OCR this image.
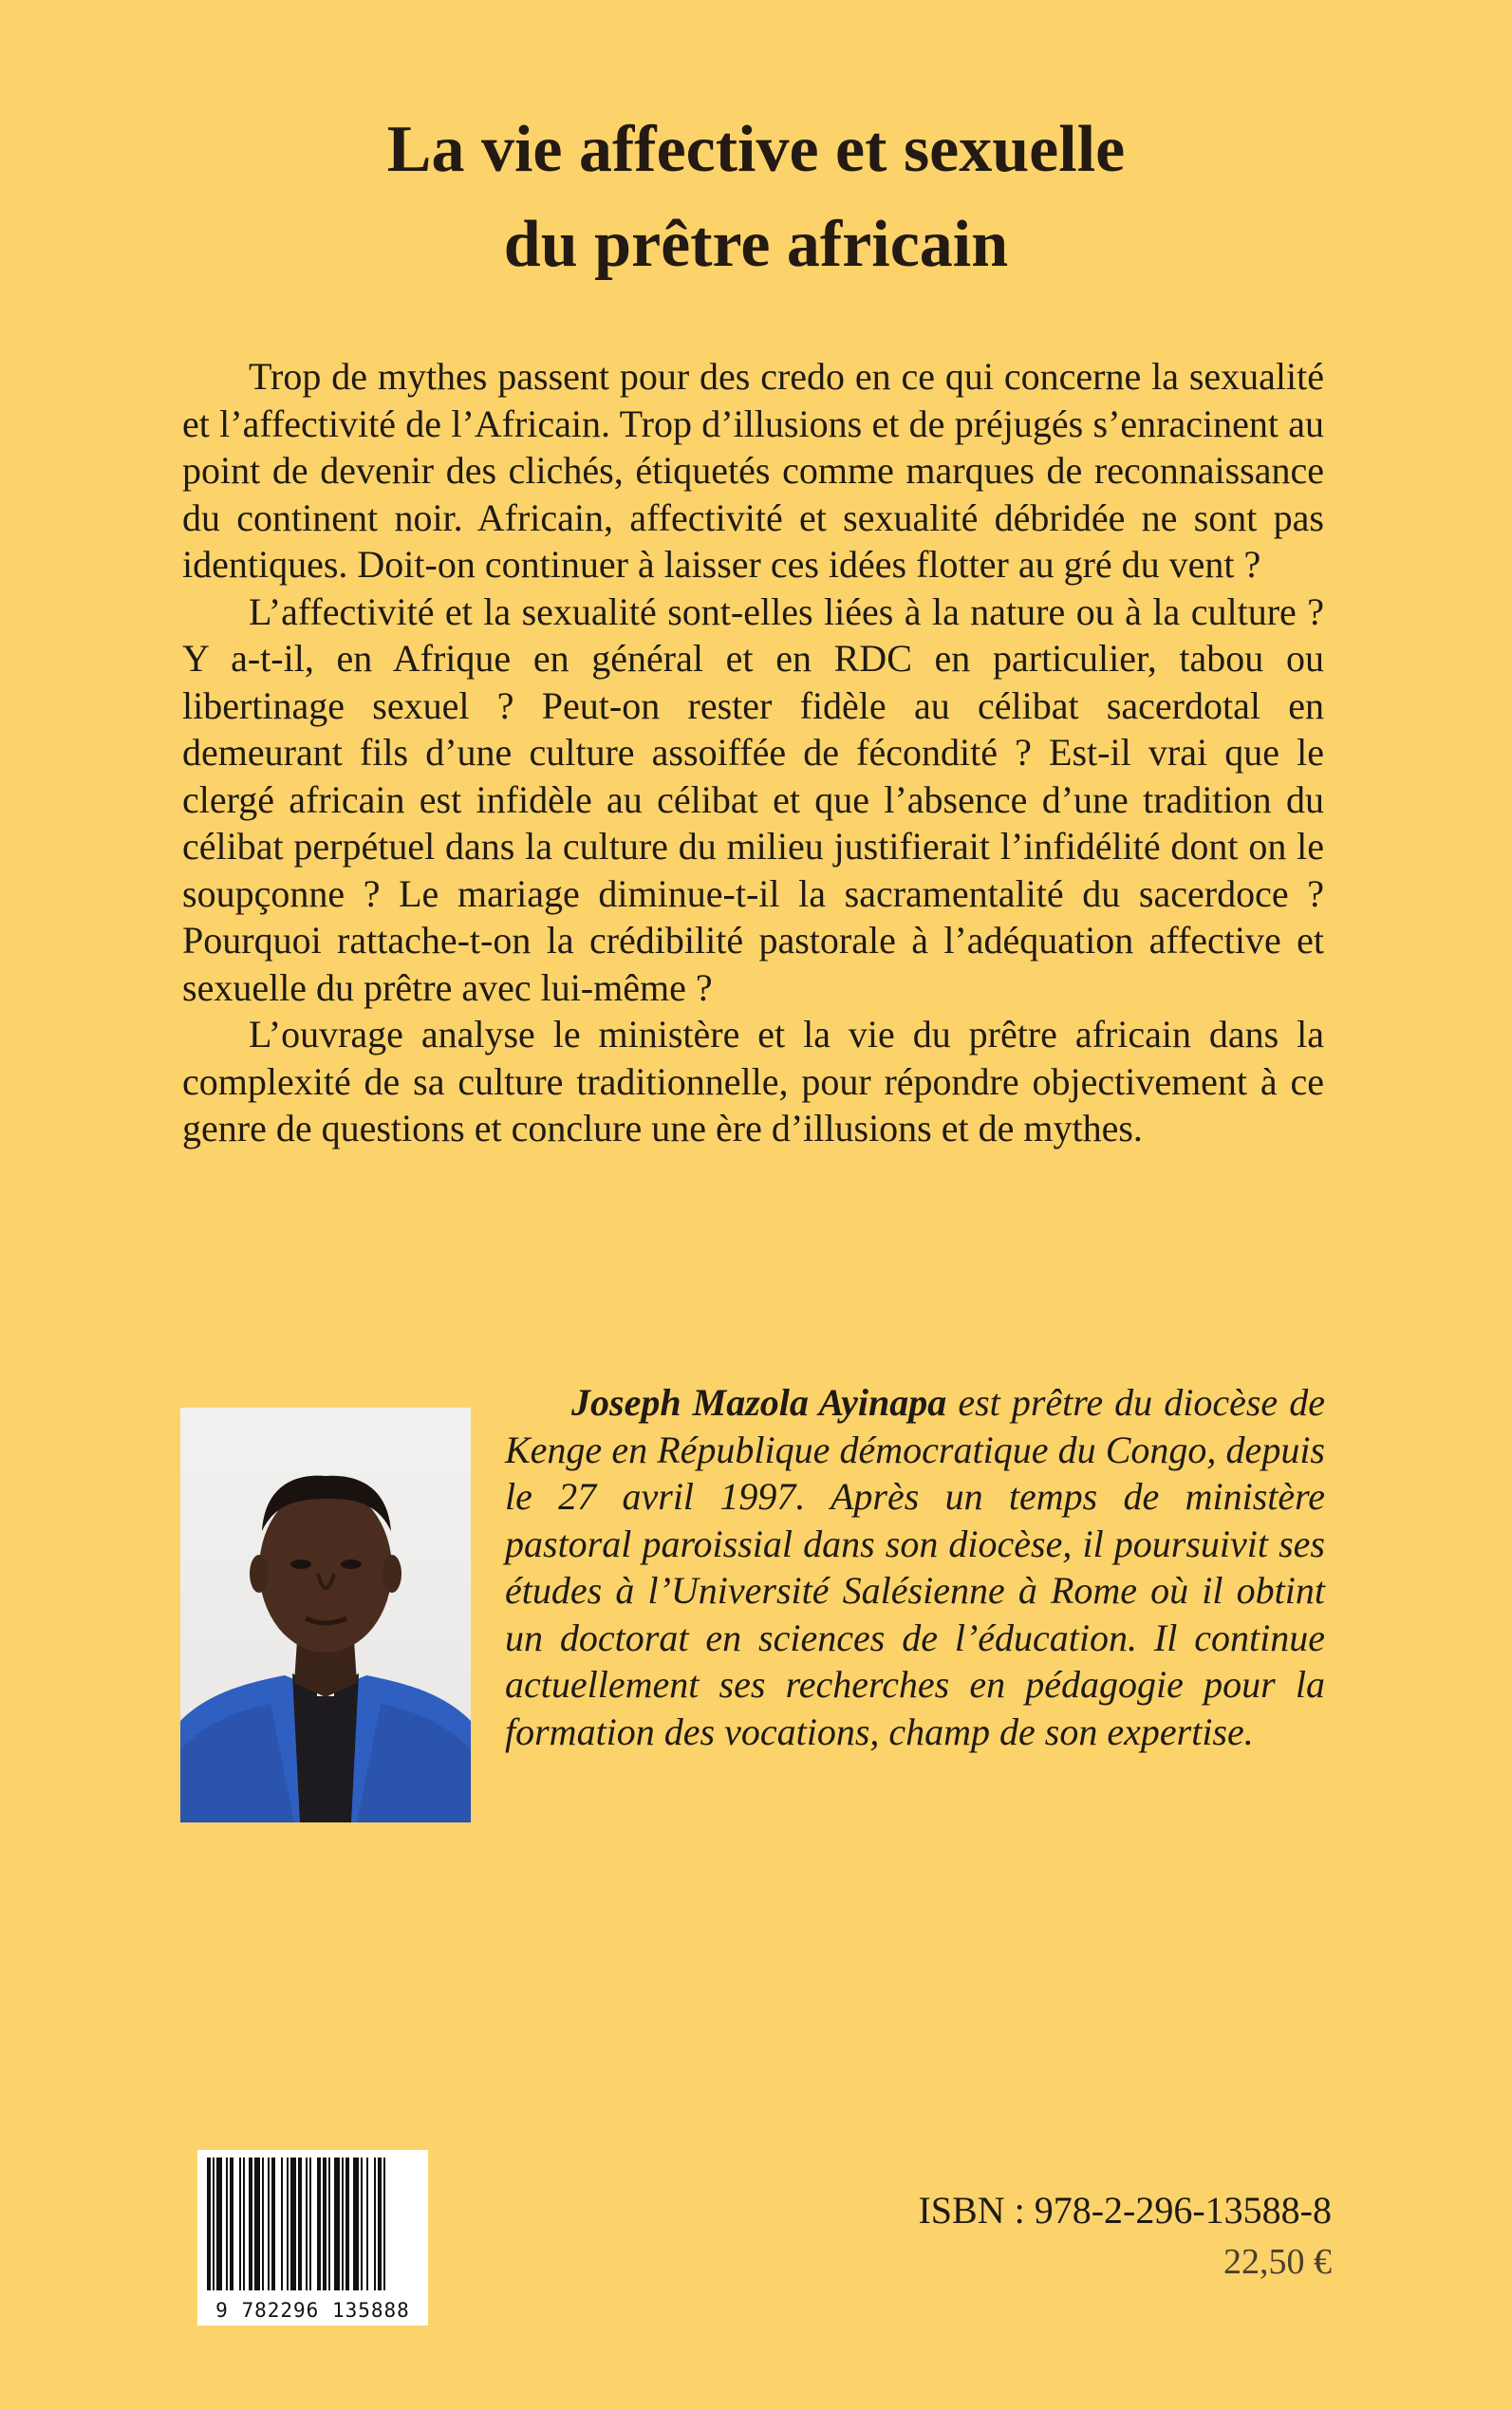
La vie affective et sexuelle
du prêtre africain

Trop de mythes passent pour des credo en ce qui concerne la sexualité et l’affectivité de l’Africain. Trop d’illusions et de préjugés s’enracinent au point de devenir des clichés, étiquetés comme marques de reconnaissance du continent noir. Africain, affectivité et sexualité débridée ne sont pas identiques. Doit-on continuer à laisser ces idées flotter au gré du vent ?

L’affectivité et la sexualité sont-elles liées à la nature ou à la culture ? Y a-t-il, en Afrique en général et en RDC en particulier, tabou ou libertinage sexuel ? Peut-on rester fidèle au célibat sacerdotal en demeurant fils d’une culture assoiffée de fécondité ? Est-il vrai que le clergé africain est infidèle au célibat et que l’absence d’une tradition du célibat perpétuel dans la culture du milieu justifierait l’infidélité dont on le soupçonne ? Le mariage diminue-t-il la sacramentalité du sacerdoce ? Pourquoi rattache-t-on la crédibilité pastorale à l’adéquation affective et sexuelle du prêtre avec lui-même ?

L’ouvrage analyse le ministère et la vie du prêtre africain dans la complexité de sa culture traditionnelle, pour répondre objectivement à ce genre de questions et conclure une ère d’illusions et de mythes.

Joseph Mazola Ayinapa est prêtre du diocèse de Kenge en République démocratique du Congo, depuis le 27 avril 1997. Après un temps de ministère pastoral paroissial dans son diocèse, il poursuivit ses études à l’Université Salésienne à Rome où il obtint un doctorat en sciences de l’éducation. Il continue actuellement ses recherches en pédagogie pour la formation des vocations, champ de son expertise.
9 782296 135888
ISBN : 978-2-296-13588-8
22,50 €
